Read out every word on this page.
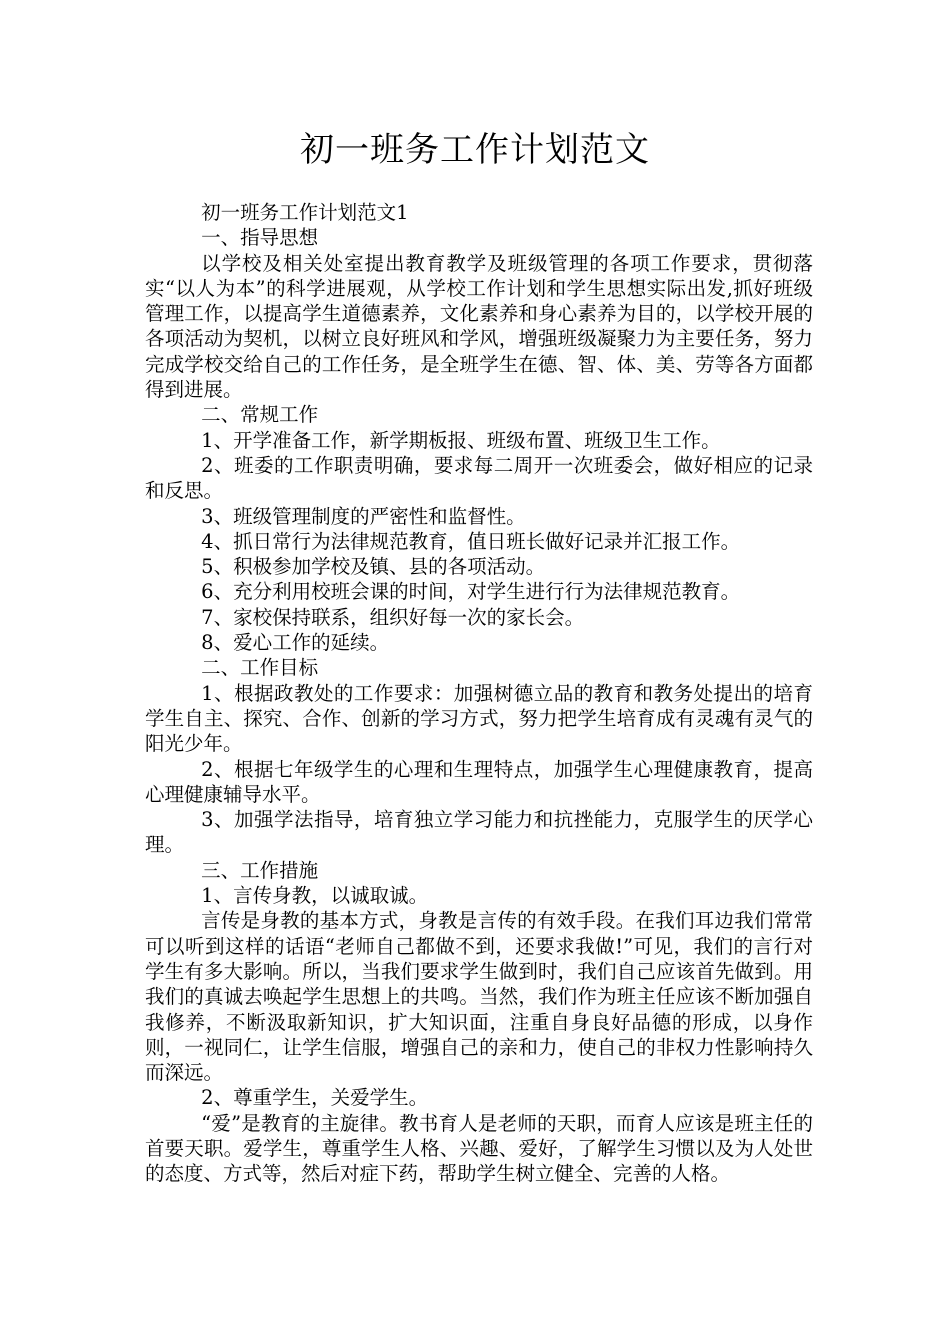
初一班务工作计划范文

初一班务工作计划范文1

一、指导思想

以学校及相关处室提出教育教学及班级管理的各项工作要求，贯彻落实“以人为本”的科学进展观，从学校工作计划和学生思想实际出发,抓好班级管理工作，以提高学生道德素养，文化素养和身心素养为目的，以学校开展的各项活动为契机，以树立良好班风和学风，增强班级凝聚力为主要任务，努力完成学校交给自己的工作任务，是全班学生在德、智、体、美、劳等各方面都得到进展。

二、常规工作

1、开学准备工作，新学期板报、班级布置、班级卫生工作。

2、班委的工作职责明确，要求每二周开一次班委会，做好相应的记录和反思。

3、班级管理制度的严密性和监督性。

4、抓日常行为法律规范教育，值日班长做好记录并汇报工作。

5、积极参加学校及镇、县的各项活动。

6、充分利用校班会课的时间，对学生进行行为法律规范教育。

7、家校保持联系，组织好每一次的家长会。

8、爱心工作的延续。

二、工作目标

1、根据政教处的工作要求：加强树德立品的教育和教务处提出的培育学生自主、探究、合作、创新的学习方式，努力把学生培育成有灵魂有灵气的阳光少年。

2、根据七年级学生的心理和生理特点，加强学生心理健康教育，提高心理健康辅导水平。

3、加强学法指导，培育独立学习能力和抗挫能力，克服学生的厌学心理。

三、工作措施

1、言传身教，以诚取诚。

言传是身教的基本方式，身教是言传的有效手段。在我们耳边我们常常可以听到这样的话语“老师自己都做不到，还要求我做!”可见，我们的言行对学生有多大影响。所以，当我们要求学生做到时，我们自己应该首先做到。用我们的真诚去唤起学生思想上的共鸣。当然，我们作为班主任应该不断加强自我修养，不断汲取新知识，扩大知识面，注重自身良好品德的形成，以身作则，一视同仁，让学生信服，增强自己的亲和力，使自己的非权力性影响持久而深远。

2、尊重学生，关爱学生。

“爱”是教育的主旋律。教书育人是老师的天职，而育人应该是班主任的首要天职。爱学生，尊重学生人格、兴趣、爱好，了解学生习惯以及为人处世的态度、方式等，然后对症下药，帮助学生树立健全、完善的人格。
